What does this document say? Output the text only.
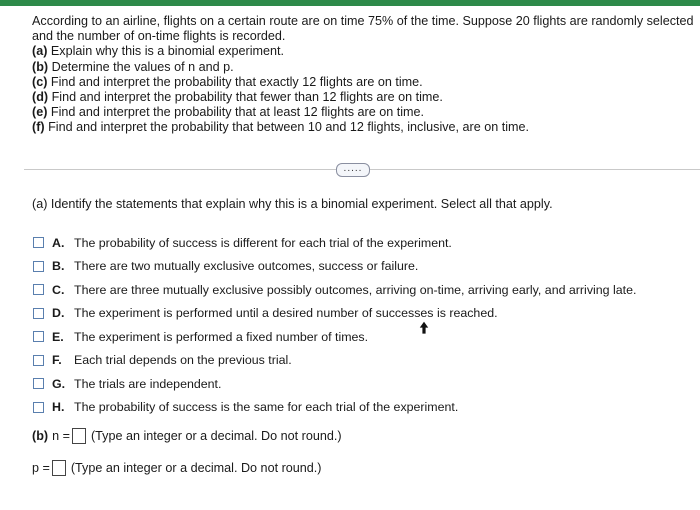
According to an airline, flights on a certain route are on time 75% of the time. Suppose 20 flights are randomly selected

and the number of on-time flights is recorded.

(a) Explain why this is a binomial experiment.

(b) Determine the values of n and p.

(c) Find and interpret the probability that exactly 12 flights are on time.

(d) Find and interpret the probability that fewer than 12 flights are on time.

(e) Find and interpret the probability that at least 12 flights are on time.

(f) Find and interpret the probability that between 10 and 12 flights, inclusive, are on time.

.....
(a) Identify the statements that explain why this is a binomial experiment. Select all that apply.
A. The probability of success is different for each trial of the experiment.
B. There are two mutually exclusive outcomes, success or failure.
C. There are three mutually exclusive possibly outcomes, arriving on-time, arriving early, and arriving late.
D. The experiment is performed until a desired number of successes is reached.
E. The experiment is performed a fixed number of times.
F. Each trial depends on the previous trial.
G. The trials are independent.
H. The probability of success is the same for each trial of the experiment.
(b) n = (Type an integer or a decimal. Do not round.)
p = (Type an integer or a decimal. Do not round.)
